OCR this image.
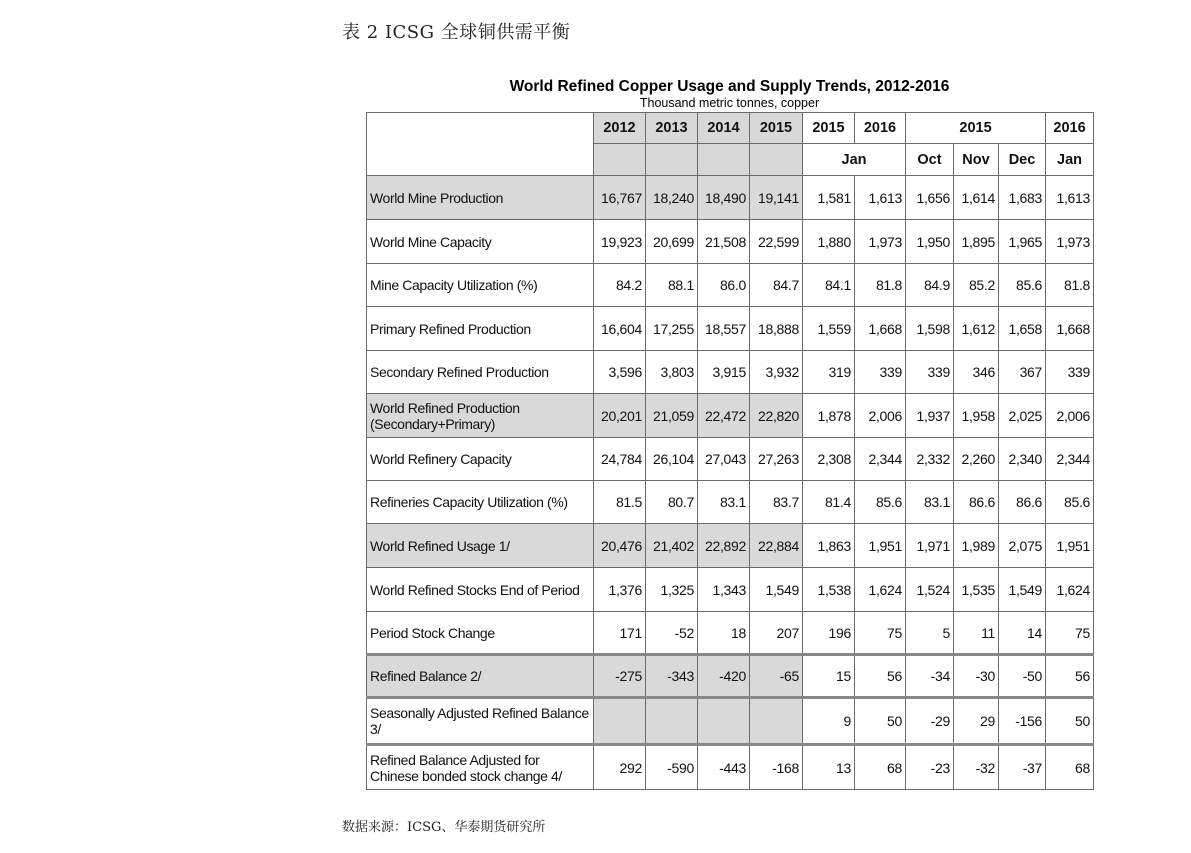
表 2 ICSG 全球铜供需平衡
World Refined Copper Usage and Supply Trends, 2012-2016
Thousand metric tonnes, copper
	2012	2013	2014	2015	2015	2016	2015			2016
					Jan		Oct	Nov	Dec	Jan
World Mine Production	16,767	18,240	18,490	19,141	1,581	1,613	1,656	1,614	1,683	1,613
World Mine Capacity	19,923	20,699	21,508	22,599	1,880	1,973	1,950	1,895	1,965	1,973
Mine Capacity Utilization (%)	84.2	88.1	86.0	84.7	84.1	81.8	84.9	85.2	85.6	81.8
Primary Refined Production	16,604	17,255	18,557	18,888	1,559	1,668	1,598	1,612	1,658	1,668
Secondary Refined Production	3,596	3,803	3,915	3,932	319	339	339	346	367	339
World Refined Production (Secondary+Primary)	20,201	21,059	22,472	22,820	1,878	2,006	1,937	1,958	2,025	2,006
World Refinery Capacity	24,784	26,104	27,043	27,263	2,308	2,344	2,332	2,260	2,340	2,344
Refineries Capacity Utilization (%)	81.5	80.7	83.1	83.7	81.4	85.6	83.1	86.6	86.6	85.6
World Refined Usage 1/	20,476	21,402	22,892	22,884	1,863	1,951	1,971	1,989	2,075	1,951
World Refined Stocks End of Period	1,376	1,325	1,343	1,549	1,538	1,624	1,524	1,535	1,549	1,624
Period Stock Change	171	-52	18	207	196	75	5	11	14	75
Refined Balance 2/	-275	-343	-420	-65	15	56	-34	-30	-50	56
Seasonally Adjusted Refined Balance 3/					9	50	-29	29	-156	50
Refined Balance Adjusted for Chinese bonded stock change 4/	292	-590	-443	-168	13	68	-23	-32	-37	68
数据来源：ICSG、华泰期货研究所
